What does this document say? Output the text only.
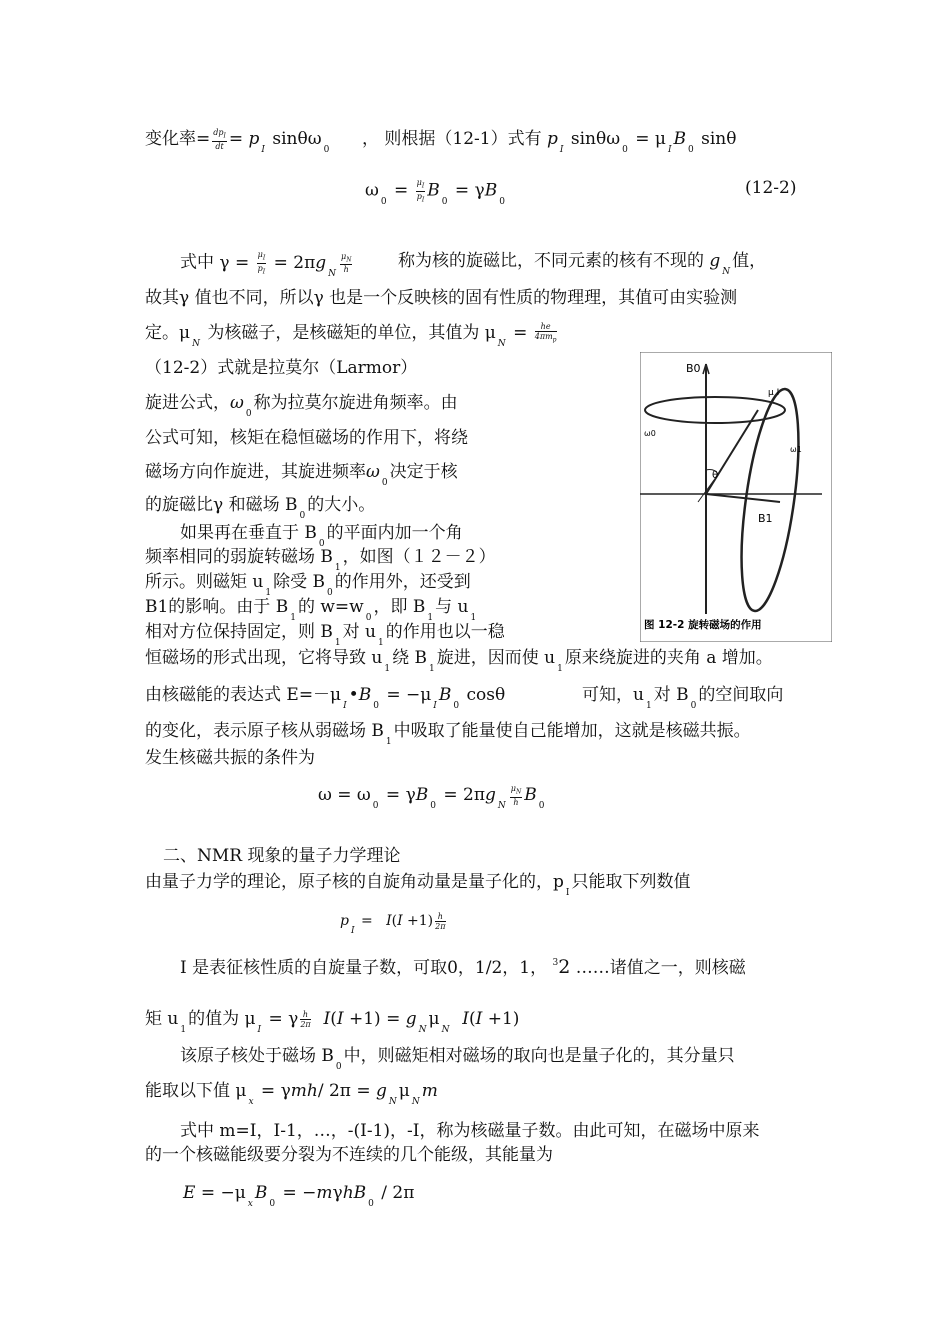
变化率= $\frac{dp_I}{dt} = p_I$ sinθω$_0$
， 则根据（12-1）式有 $p_I$ $\sin\theta\omega_0 = \mu_IB_0$ sinθ
$\omega_0 = \frac{\mu_I}{p_I} B_0 = \gamma B_0$
(12-2)
式中 $\gamma = \frac{\mu_I}{p_I} = 2\pi g_N \frac{\mu_N}{h}$	称为核的旋磁比，不同元素的核有不现的 $g_N$值，
故其γ 值也不同，所以γ 也是一个反映核的固有性质的物理理，其值可由实验测
定。$\mu_N$ 为核磁子，是核磁矩的单位，其值为 $\mu_N = \frac{he}{4\pi m_p}$
（12-2）式就是拉莫尔（Larmor）
旋进公式，$\omega_0$称为拉莫尔旋进角频率。由
公式可知，核矩在稳恒磁场的作用下，将绕
磁场方向作旋进，其旋进频率$\omega_0$决定于核
的旋磁比γ 和磁场 $B_0$的大小。
如果再在垂直于 $B_0$的平面内加一个角
频率相同的弱旋转磁场 $B_1$，如图（１２－２）
所示。则磁矩 $u_1$除受 $B_0$的作用外，还受到
B1的影响。由于 $B_1$的 $w=w_0$，即 $B_1$与 $u_1$
相对方位保持固定，则 $B_1$对 $u_1$的作用也以一稳
恒磁场的形式出现，它将导致 $u_1$绕 $B_1$旋进，因而使 $u_1$原来绕旋进的夹角 a 增加。
由核磁能的表达式 $E=-\mu_I•B_0 = -\mu_IB_0$ cosθ	可知，$u_1$对 $B_0$的空间取向
的变化，表示原子核从弱磁场 $B_1$中吸取了能量使自己能增加，这就是核磁共振。
发生核磁共振的条件为
$\omega = \omega_0 = \gamma B_0 = 2\pi g_N \frac{\mu_N}{h} B_0$
二、NMR 现象的量子力学理论
由量子力学的理论，原子核的自旋角动量是量子化的，$p_I$只能取下列数值
$p_I = I(I +1) \frac{h}{2\pi}$
I 是表征核性质的自旋量子数，可取0，1/2，1， $^3$2 ……诸值之一，则核磁
矩 $u_1$的值为 $\mu_I = \gamma \frac{h}{2\pi} I(I +1) = g_N\mu_N$  I(I +1)
该原子核处于磁场 $B_0$中，则磁矩相对磁场的取向也是量子化的，其分量只
能取以下值 $\mu_x = \gamma mh/$ $2\pi = g_N\mu_Nm$
式中 m=I，I-1，…，-(I-1)，-I，称为核磁量子数。由此可知，在磁场中原来
的一个核磁能级要分裂为不连续的几个能级，其能量为
$E = -\mu_xB_0 = -m\gamma hB_0 / 2\pi$
B0
μ I
θ
B1
ω0
ω1
图 12-2 旋转磁场的作用
